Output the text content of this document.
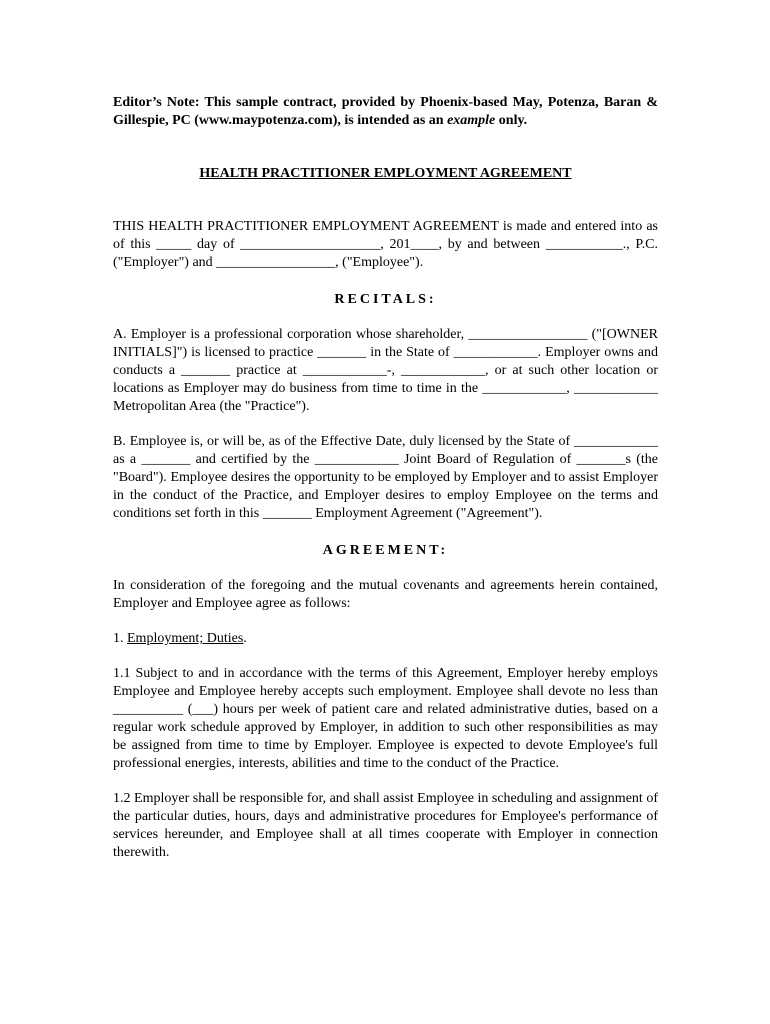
Editor’s Note: This sample contract, provided by Phoenix-based May, Potenza, Baran & Gillespie, PC (www.maypotenza.com), is intended as an example only.

HEALTH PRACTITIONER EMPLOYMENT AGREEMENT

THIS HEALTH PRACTITIONER EMPLOYMENT AGREEMENT is made and entered into as of this _____ day of ____________________, 201____, by and between ___________., P.C. ("Employer") and _________________, ("Employee").

RECITALS:

A. Employer is a professional corporation whose shareholder, _________________ ("[OWNER INITIALS]") is licensed to practice _______ in the State of ____________. Employer owns and conducts a _______ practice at ____________-, ____________, or at such other location or locations as Employer may do business from time to time in the ____________, ____________ Metropolitan Area (the "Practice").

B. Employee is, or will be, as of the Effective Date, duly licensed by the State of ____________ as a _______ and certified by the ____________ Joint Board of Regulation of _______s (the "Board"). Employee desires the opportunity to be employed by Employer and to assist Employer in the conduct of the Practice, and Employer desires to employ Employee on the terms and conditions set forth in this _______ Employment Agreement ("Agreement").

AGREEMENT:

In consideration of the foregoing and the mutual covenants and agreements herein contained, Employer and Employee agree as follows:

1. Employment; Duties.

1.1 Subject to and in accordance with the terms of this Agreement, Employer hereby employs Employee and Employee hereby accepts such employment. Employee shall devote no less than __________ (___) hours per week of patient care and related administrative duties, based on a regular work schedule approved by Employer, in addition to such other responsibilities as may be assigned from time to time by Employer. Employee is expected to devote Employee's full professional energies, interests, abilities and time to the conduct of the Practice.

1.2 Employer shall be responsible for, and shall assist Employee in scheduling and assignment of the particular duties, hours, days and administrative procedures for Employee's performance of services hereunder, and Employee shall at all times cooperate with Employer in connection therewith.
